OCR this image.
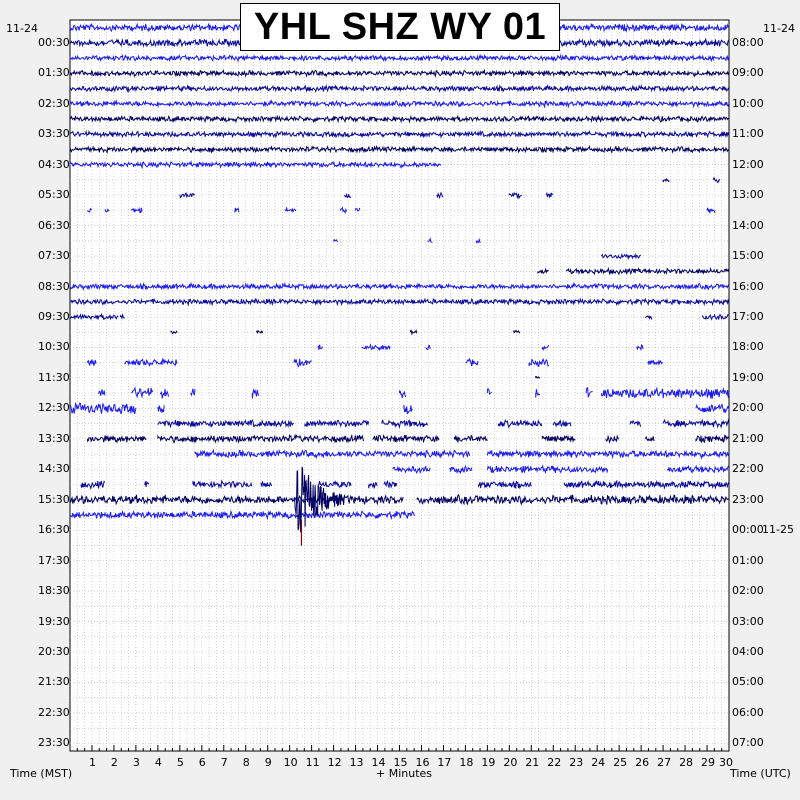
YHL SHZ WY 01
11-24	11-24
Time (MST)	+ Minutes	Time (UTC)
1 2 3 4 5 6 7 8 9 10 11 12 13 14 15 16 17 18 19 20 21 22 23 24 25 26 27 28 29 30
00:30
01:30
02:30
03:30
04:30
05:30
06:30
07:30
08:30
09:30
10:30
11:30
12:30
13:30
14:30
15:30
16:30
17:30
18:30
19:30
20:30
21:30
22:30
23:30
08:00
09:00
10:00
11:00
12:00
13:00
14:00
15:00
16:00
17:00
18:00
19:00
20:00
21:00
22:00
23:00
00:00
01:00
02:00
03:00
04:00
05:00
06:00
07:00
11-25
